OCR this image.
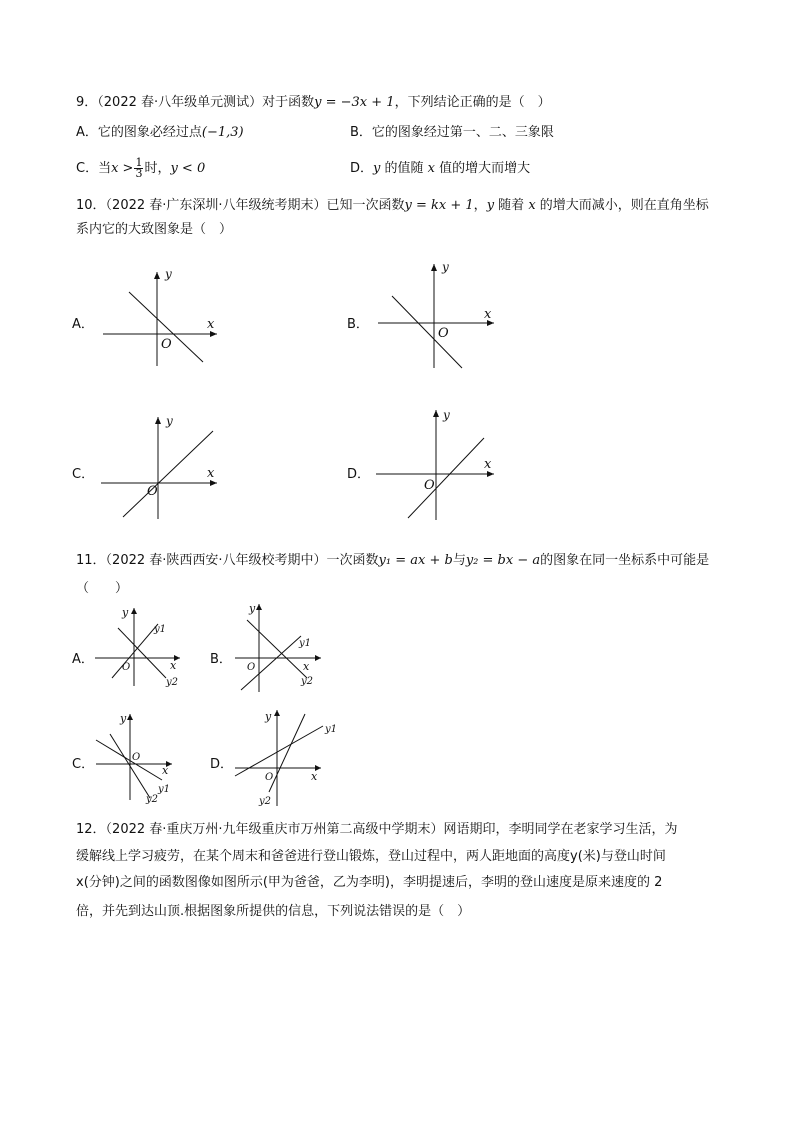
9．（2022 春·八年级单元测试）对于函数y = −3x + 1，下列结论正确的是（　）
A．它的图象必经过点(−1,3)	B．它的图象经过第一、二、三象限
C．当$x > \frac{1}{3}$ 时，y < 0	D．y 的值随 x 值的增大而增大
10．（2022 春·广东深圳·八年级统考期末）已知一次函数y = kx + 1，y 随着 x 的增大而减小，则在直角坐标
系内它的大致图象是（　）
A．	x
y
O
B．
x
y
O
C．	x
y
O
D．
x
y
O
11．（2022 春·陕西西安·八年级校考期中）一次函数y₁ = ax + b与y₂ = bx − a的图象在同一坐标系中可能是
（　　）
A．
y
x
O
y1
y2
B．
y
x
O
y1
y2
C．
y
x
O
y1
y2
D．
y
x
O
y1
y2
12．（2022 春·重庆万州·九年级重庆市万州第二高级中学期末）网语期印，李明同学在老家学习生活，为
缓解线上学习疲劳，在某个周末和爸爸进行登山锻炼，登山过程中，两人距地面的高度y(米)与登山时间
x(分钟)之间的函数图像如图所示(甲为爸爸，乙为李明)，李明提速后，李明的登山速度是原来速度的 2
倍，并先到达山顶.根据图象所提供的信息，下列说法错误的是（　）
